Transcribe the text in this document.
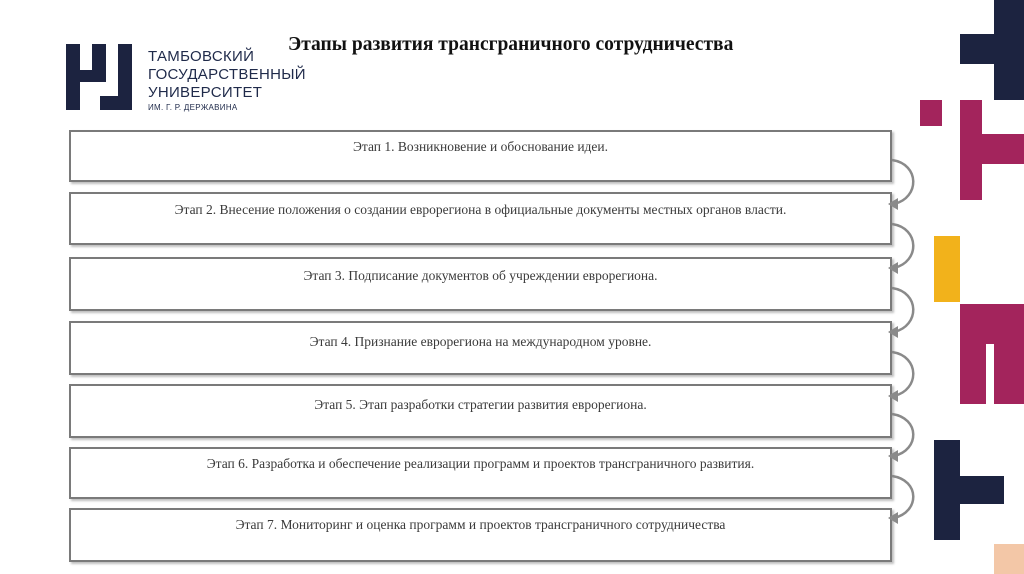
ТАМБОВСКИЙ
ГОСУДАРСТВЕННЫЙ
УНИВЕРСИТЕТ
ИМ. Г. Р. ДЕРЖАВИНА
Этапы развития трансграничного сотрудничества
Этап 1. Возникновение и обоснование идеи.
Этап 2. Внесение положения о создании еврорегиона в официальные документы местных органов власти.
Этап 3. Подписание документов об учреждении еврорегиона.
Этап 4. Признание еврорегиона на международном уровне.
Этап 5. Этап разработки стратегии развития еврорегиона.
Этап 6. Разработка и обеспечение реализации программ и проектов трансграничного развития.
Этап 7. Мониторинг и оценка программ и проектов трансграничного сотрудничества
